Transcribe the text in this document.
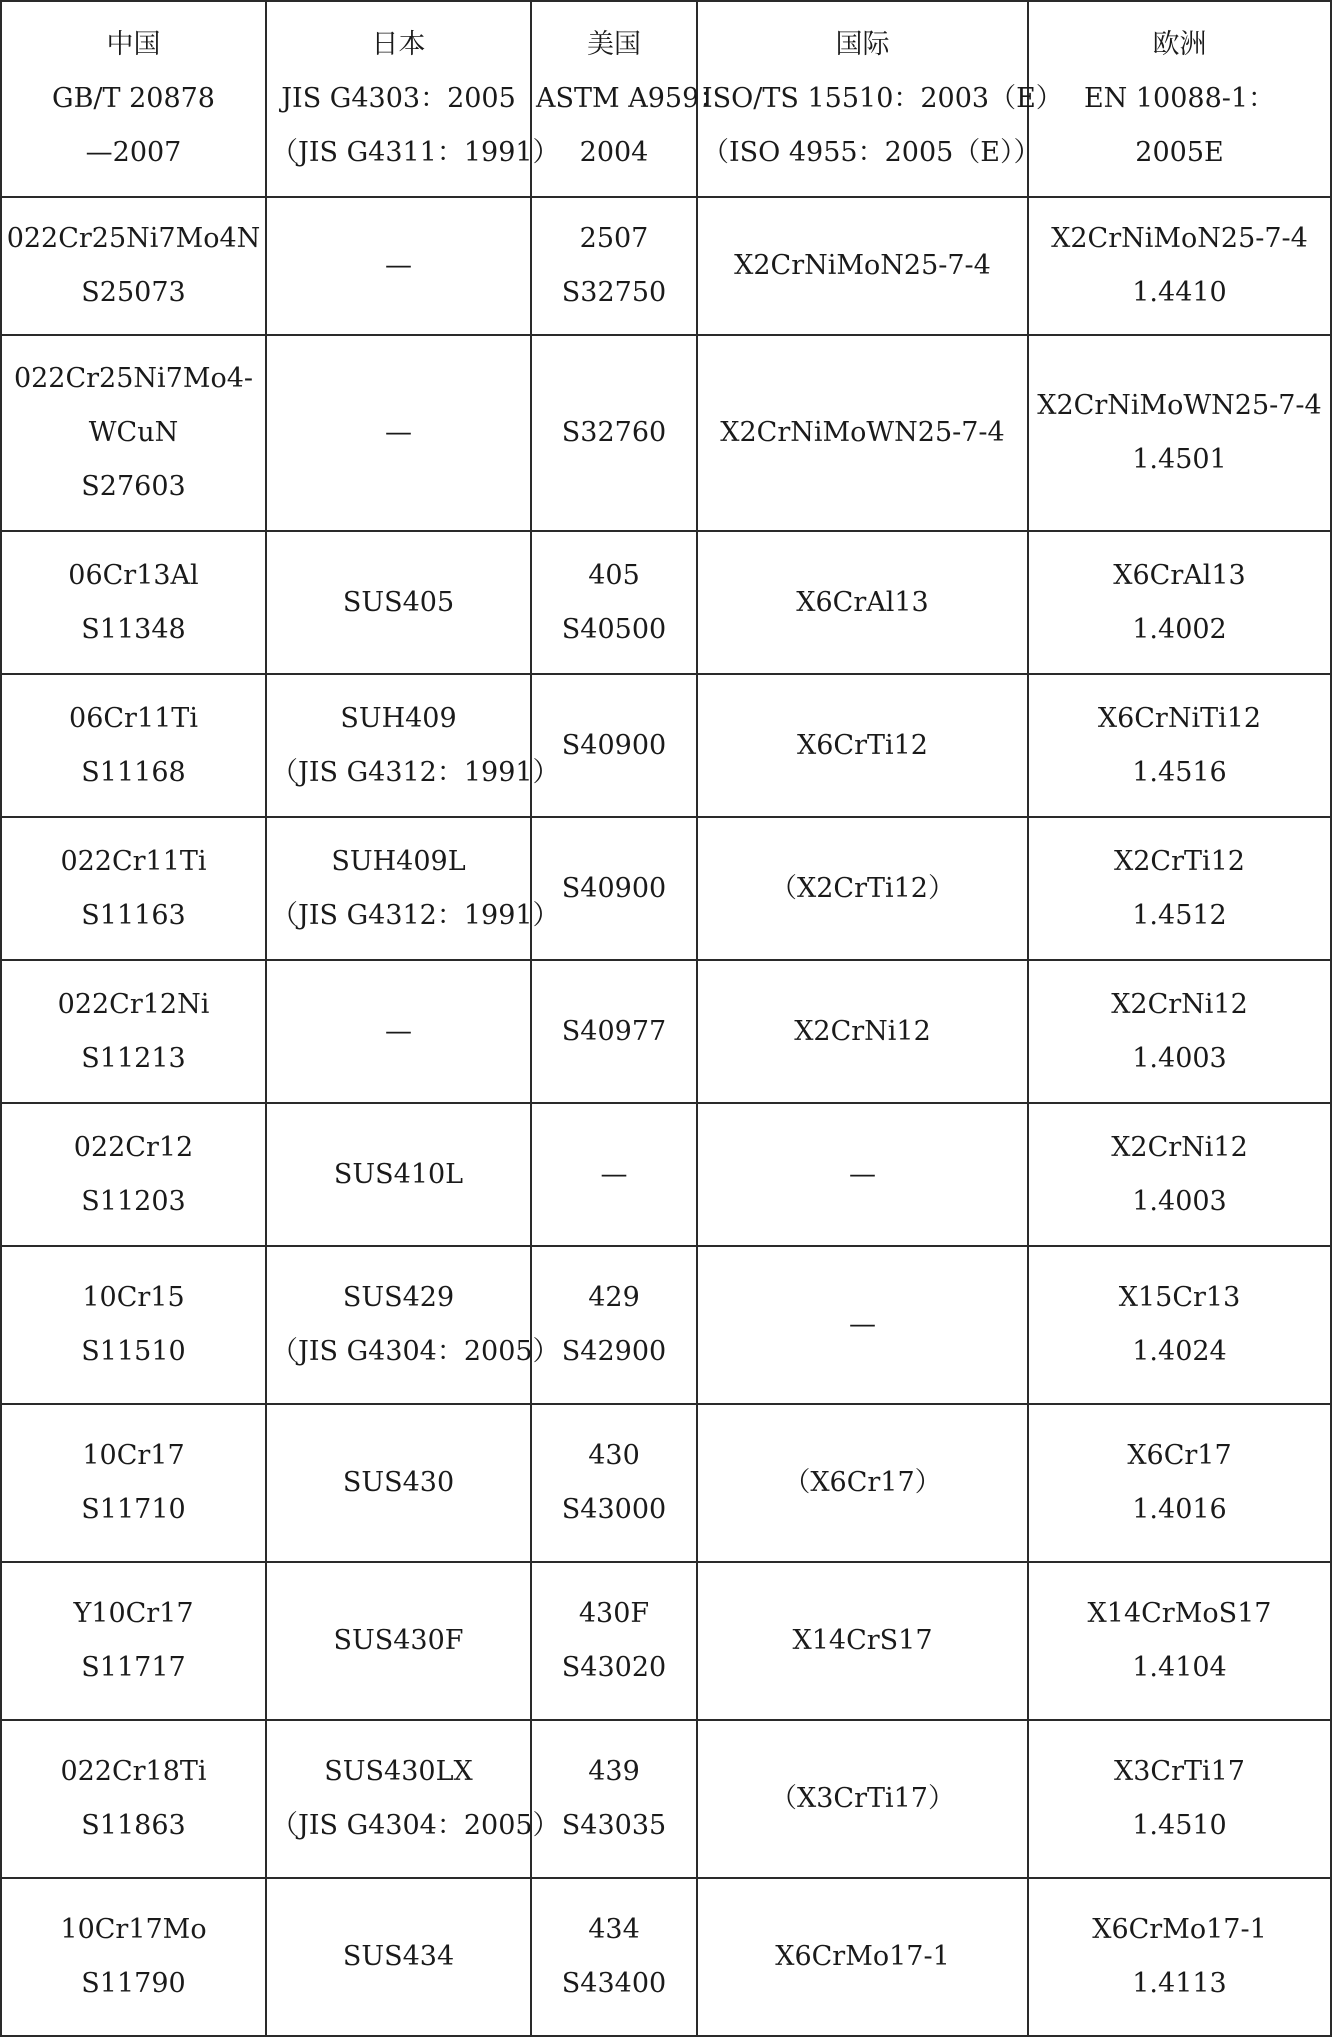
中国
GB/T 20878
—2007	日本
JIS G4303：2005
（JIS G4311：1991）	美国
ASTM A959：
2004	国际
ISO/TS 15510：2003（E）
（ISO 4955：2005（E））	欧洲
EN 10088-1：
2005E

022Cr25Ni7Mo4N
S25073	—	2507
S32750	X2CrNiMoN25-7-4	X2CrNiMoN25-7-4
1.4410

022Cr25Ni7Mo4-
WCuN
S27603	—	S32760	X2CrNiMoWN25-7-4	X2CrNiMoWN25-7-4
1.4501

06Cr13Al
S11348	SUS405	405
S40500	X6CrAl13	X6CrAl13
1.4002

06Cr11Ti
S11168	SUH409
（JIS G4312：1991）	S40900	X6CrTi12	X6CrNiTi12
1.4516

022Cr11Ti
S11163	SUH409L
（JIS G4312：1991）	S40900	（X2CrTi12）	X2CrTi12
1.4512

022Cr12Ni
S11213	—	S40977	X2CrNi12	X2CrNi12
1.4003

022Cr12
S11203	SUS410L	—	—	X2CrNi12
1.4003

10Cr15
S11510	SUS429
（JIS G4304：2005）	429
S42900	—	X15Cr13
1.4024

10Cr17
S11710	SUS430	430
S43000	（X6Cr17）	X6Cr17
1.4016

Y10Cr17
S11717	SUS430F	430F
S43020	X14CrS17	X14CrMoS17
1.4104

022Cr18Ti
S11863	SUS430LX
（JIS G4304：2005）	439
S43035	（X3CrTi17）	X3CrTi17
1.4510

10Cr17Mo
S11790	SUS434	434
S43400	X6CrMo17-1	X6CrMo17-1
1.4113
